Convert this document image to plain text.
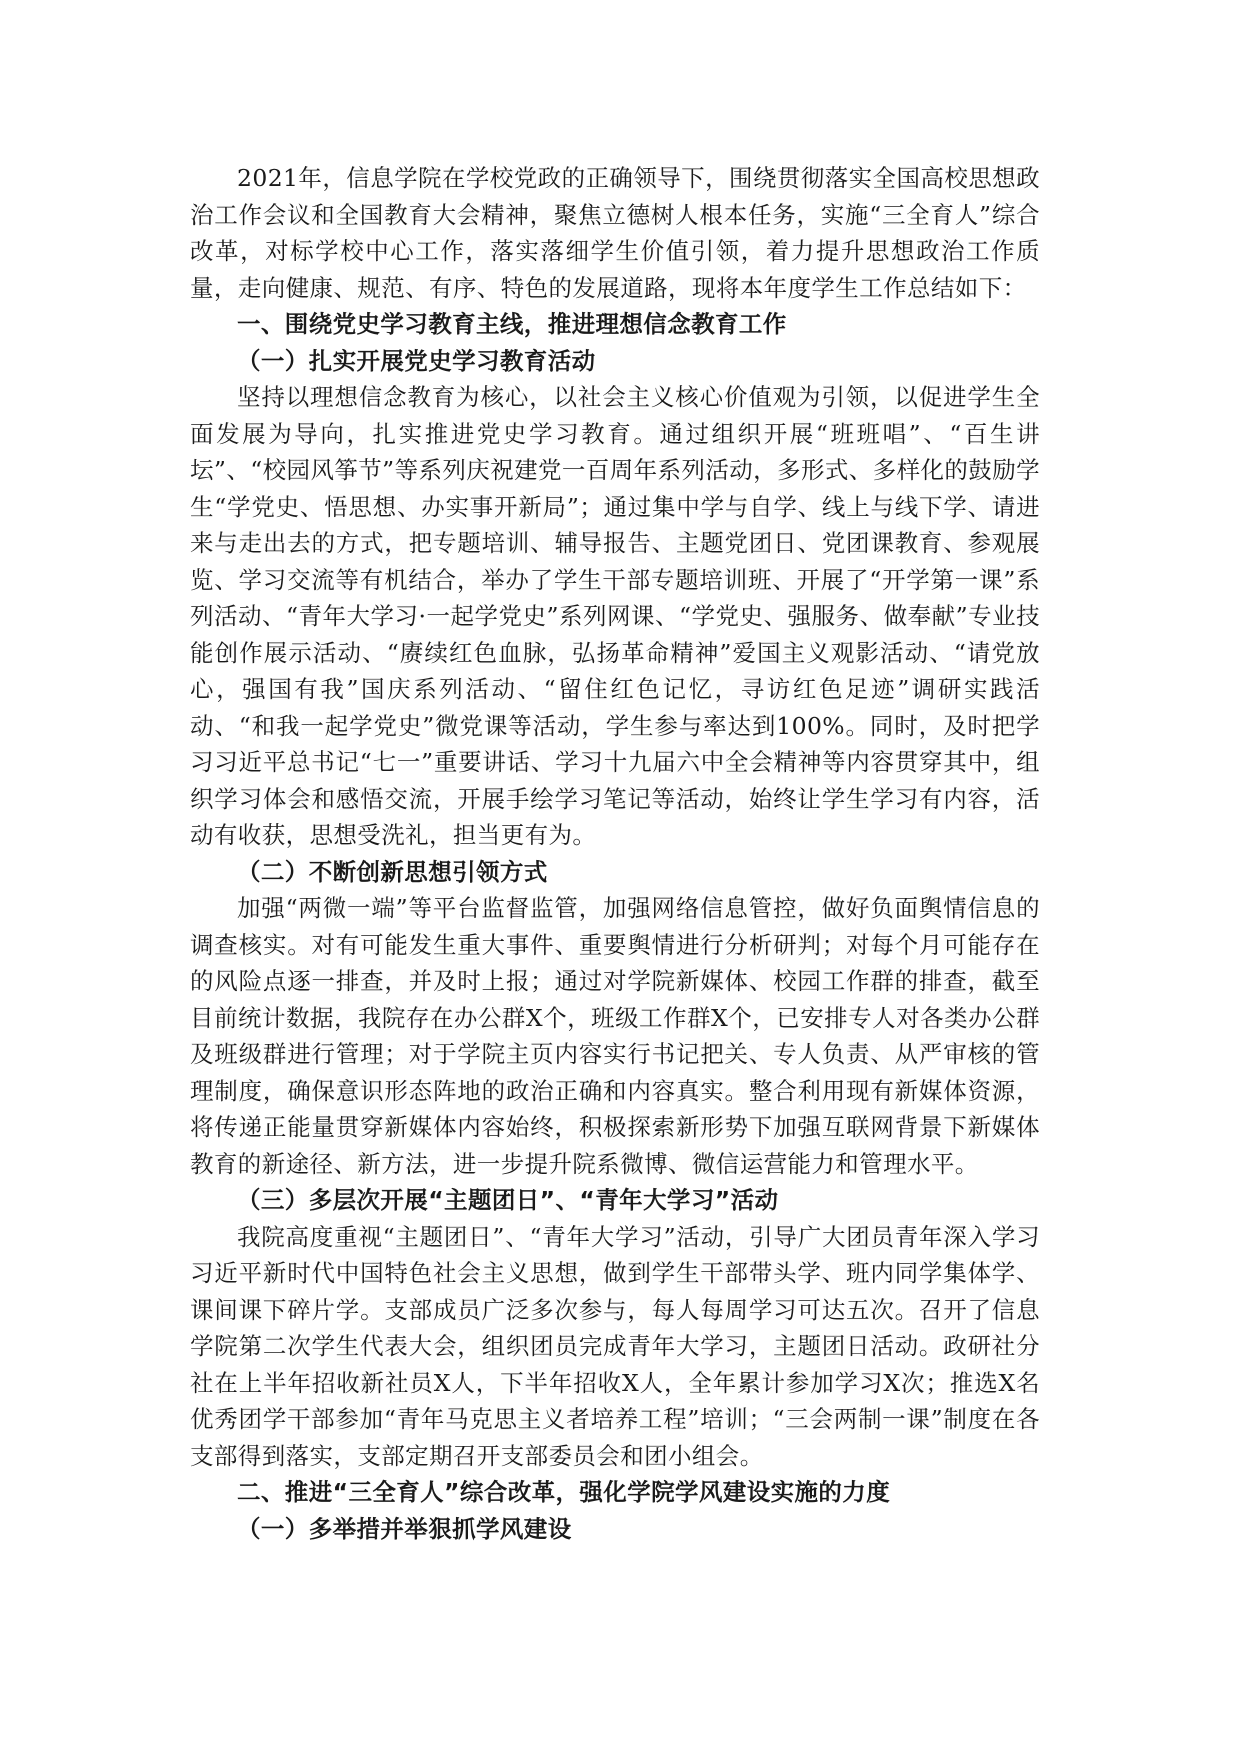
2021年，信息学院在学校党政的正确领导下，围绕贯彻落实全国高校思想政治工作会议和全国教育大会精神，聚焦立德树人根本任务，实施“三全育人”综合改革，对标学校中心工作，落实落细学生价值引领，着力提升思想政治工作质量，走向健康、规范、有序、特色的发展道路，现将本年度学生工作总结如下：

一、围绕党史学习教育主线，推进理想信念教育工作

（一）扎实开展党史学习教育活动

坚持以理想信念教育为核心，以社会主义核心价值观为引领，以促进学生全面发展为导向，扎实推进党史学习教育。通过组织开展“班班唱”、“百生讲坛”、“校园风筝节”等系列庆祝建党一百周年系列活动，多形式、多样化的鼓励学生“学党史、悟思想、办实事开新局”；通过集中学与自学、线上与线下学、请进来与走出去的方式，把专题培训、辅导报告、主题党团日、党团课教育、参观展览、学习交流等有机结合，举办了学生干部专题培训班、开展了“开学第一课”系列活动、“青年大学习·一起学党史”系列网课、“学党史、强服务、做奉献”专业技能创作展示活动、“赓续红色血脉，弘扬革命精神”爱国主义观影活动、“请党放心，强国有我”国庆系列活动、“留住红色记忆，寻访红色足迹”调研实践活动、“和我一起学党史”微党课等活动，学生参与率达到100%。同时，及时把学习习近平总书记“七一”重要讲话、学习十九届六中全会精神等内容贯穿其中，组织学习体会和感悟交流，开展手绘学习笔记等活动，始终让学生学习有内容，活动有收获，思想受洗礼，担当更有为。

（二）不断创新思想引领方式

加强“两微一端”等平台监督监管，加强网络信息管控，做好负面舆情信息的调查核实。对有可能发生重大事件、重要舆情进行分析研判；对每个月可能存在的风险点逐一排查，并及时上报；通过对学院新媒体、校园工作群的排查，截至目前统计数据，我院存在办公群X个，班级工作群X个，已安排专人对各类办公群及班级群进行管理；对于学院主页内容实行书记把关、专人负责、从严审核的管理制度，确保意识形态阵地的政治正确和内容真实。整合利用现有新媒体资源，将传递正能量贯穿新媒体内容始终，积极探索新形势下加强互联网背景下新媒体教育的新途径、新方法，进一步提升院系微博、微信运营能力和管理水平。

（三）多层次开展“主题团日”、“青年大学习”活动

我院高度重视“主题团日”、“青年大学习”活动，引导广大团员青年深入学习习近平新时代中国特色社会主义思想，做到学生干部带头学、班内同学集体学、课间课下碎片学。支部成员广泛多次参与，每人每周学习可达五次。召开了信息学院第二次学生代表大会，组织团员完成青年大学习，主题团日活动。政研社分社在上半年招收新社员X人，下半年招收X人，全年累计参加学习X次；推选X名优秀团学干部参加“青年马克思主义者培养工程”培训；“三会两制一课”制度在各支部得到落实，支部定期召开支部委员会和团小组会。

二、推进“三全育人”综合改革，强化学院学风建设实施的力度

（一）多举措并举狠抓学风建设
